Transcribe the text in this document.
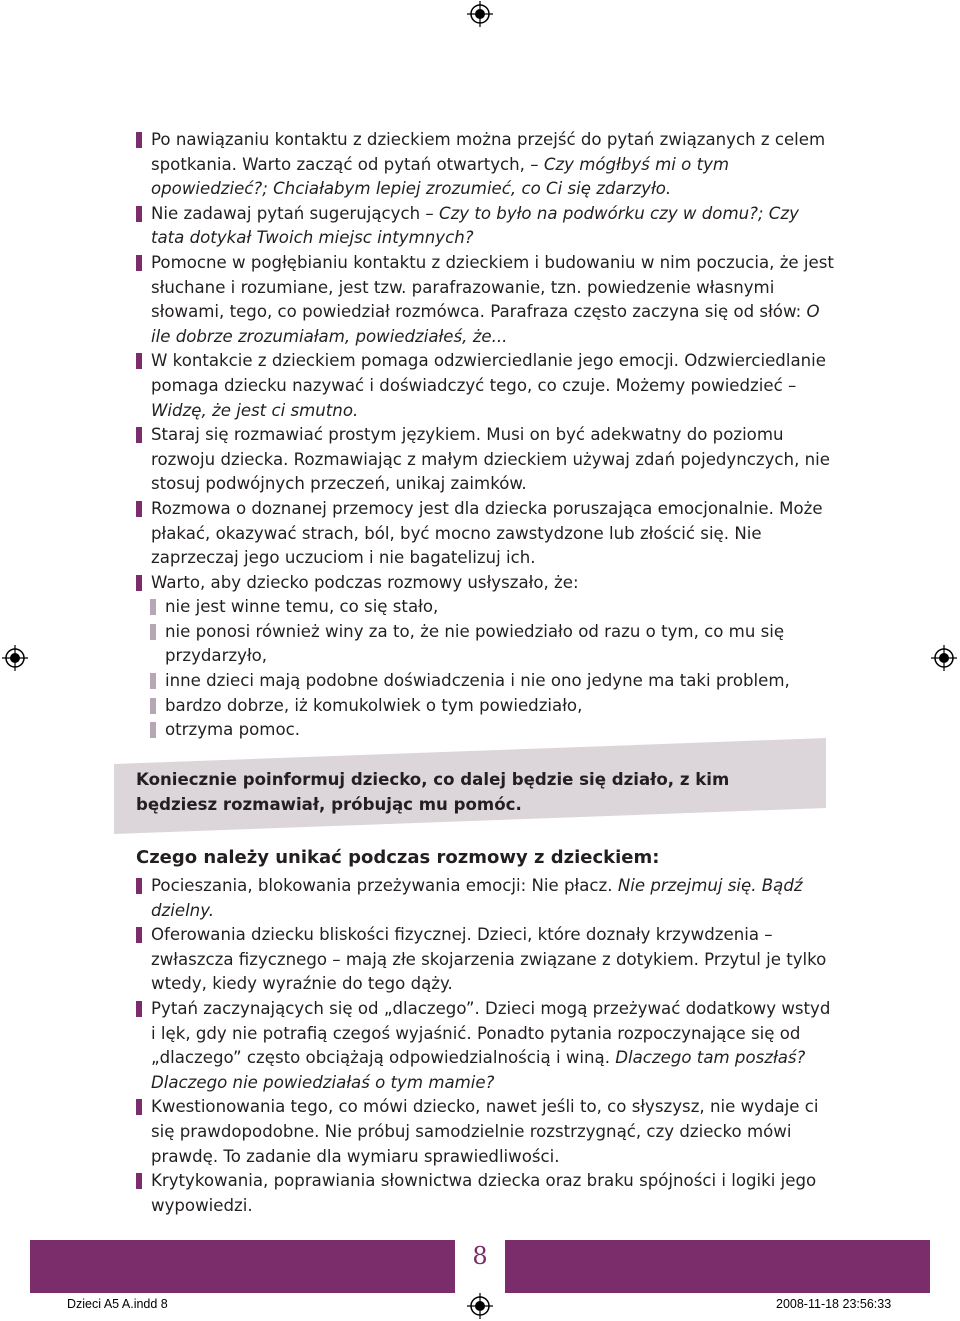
Po nawiązaniu kontaktu z dzieckiem można przejść do pytań związanych z celem spotkania. Warto zacząć od pytań otwartych, – Czy mógłbyś mi o tym opowiedzieć?; Chciałabym lepiej zrozumieć, co Ci się zdarzyło.

Nie zadawaj pytań sugerujących – Czy to było na podwórku czy w domu?; Czy tata dotykał Twoich miejsc intymnych?

Pomocne w pogłębianiu kontaktu z dzieckiem i budowaniu w nim poczucia, że jest słuchane i rozumiane, jest tzw. parafrazowanie, tzn. powiedzenie własnymi słowami, tego, co powiedział rozmówca. Parafraza często zaczyna się od słów: O ile dobrze zrozumiałam, powiedziałeś, że...

W kontakcie z dzieckiem pomaga odzwierciedlanie jego emocji. Odzwierciedlanie pomaga dziecku nazywać i doświadczyć tego, co czuje. Możemy powiedzieć – Widzę, że jest ci smutno.

Staraj się rozmawiać prostym językiem. Musi on być adekwatny do poziomu rozwoju dziecka. Rozmawiając z małym dzieckiem używaj zdań pojedynczych, nie stosuj podwójnych przeczeń, unikaj zaimków.

Rozmowa o doznanej przemocy jest dla dziecka poruszająca emocjonalnie. Może płakać, okazywać strach, ból, być mocno zawstydzone lub złościć się. Nie zaprzeczaj jego uczuciom i nie bagatelizuj ich.

Warto, aby dziecko podczas rozmowy usłyszało, że:

nie jest winne temu, co się stało,

nie ponosi również winy za to, że nie powiedziało od razu o tym, co mu się przydarzyło,

inne dzieci mają podobne doświadczenia i nie ono jedyne ma taki problem,

bardzo dobrze, iż komukolwiek o tym powiedziało,

otrzyma pomoc.

Koniecznie poinformuj dziecko, co dalej będzie się działo, z kim będziesz rozmawiał, próbując mu pomóc.
Czego należy unikać podczas rozmowy z dzieckiem:

Pocieszania, blokowania przeżywania emocji: Nie płacz. Nie przejmuj się. Bądź dzielny.

Oferowania dziecku bliskości fizycznej. Dzieci, które doznały krzywdzenia – zwłaszcza fizycznego – mają złe skojarzenia związane z dotykiem. Przytul je tylko wtedy, kiedy wyraźnie do tego dąży.

Pytań zaczynających się od „dlaczego”. Dzieci mogą przeżywać dodatkowy wstyd i lęk, gdy nie potrafią czegoś wyjaśnić. Ponadto pytania rozpoczynające się od „dlaczego” często obciążają odpowiedzialnością i winą. Dlaczego tam poszłaś? Dlaczego nie powiedziałaś o tym mamie?

Kwestionowania tego, co mówi dziecko, nawet jeśli to, co słyszysz, nie wydaje ci się prawdopodobne. Nie próbuj samodzielnie rozstrzygnąć, czy dziecko mówi prawdę. To zadanie dla wymiaru sprawiedliwości.

Krytykowania, poprawiania słownictwa dziecka oraz braku spójności i logiki jego wypowiedzi.

8
Dzieci A5 A.indd 8	2008-11-18 23:56:33
